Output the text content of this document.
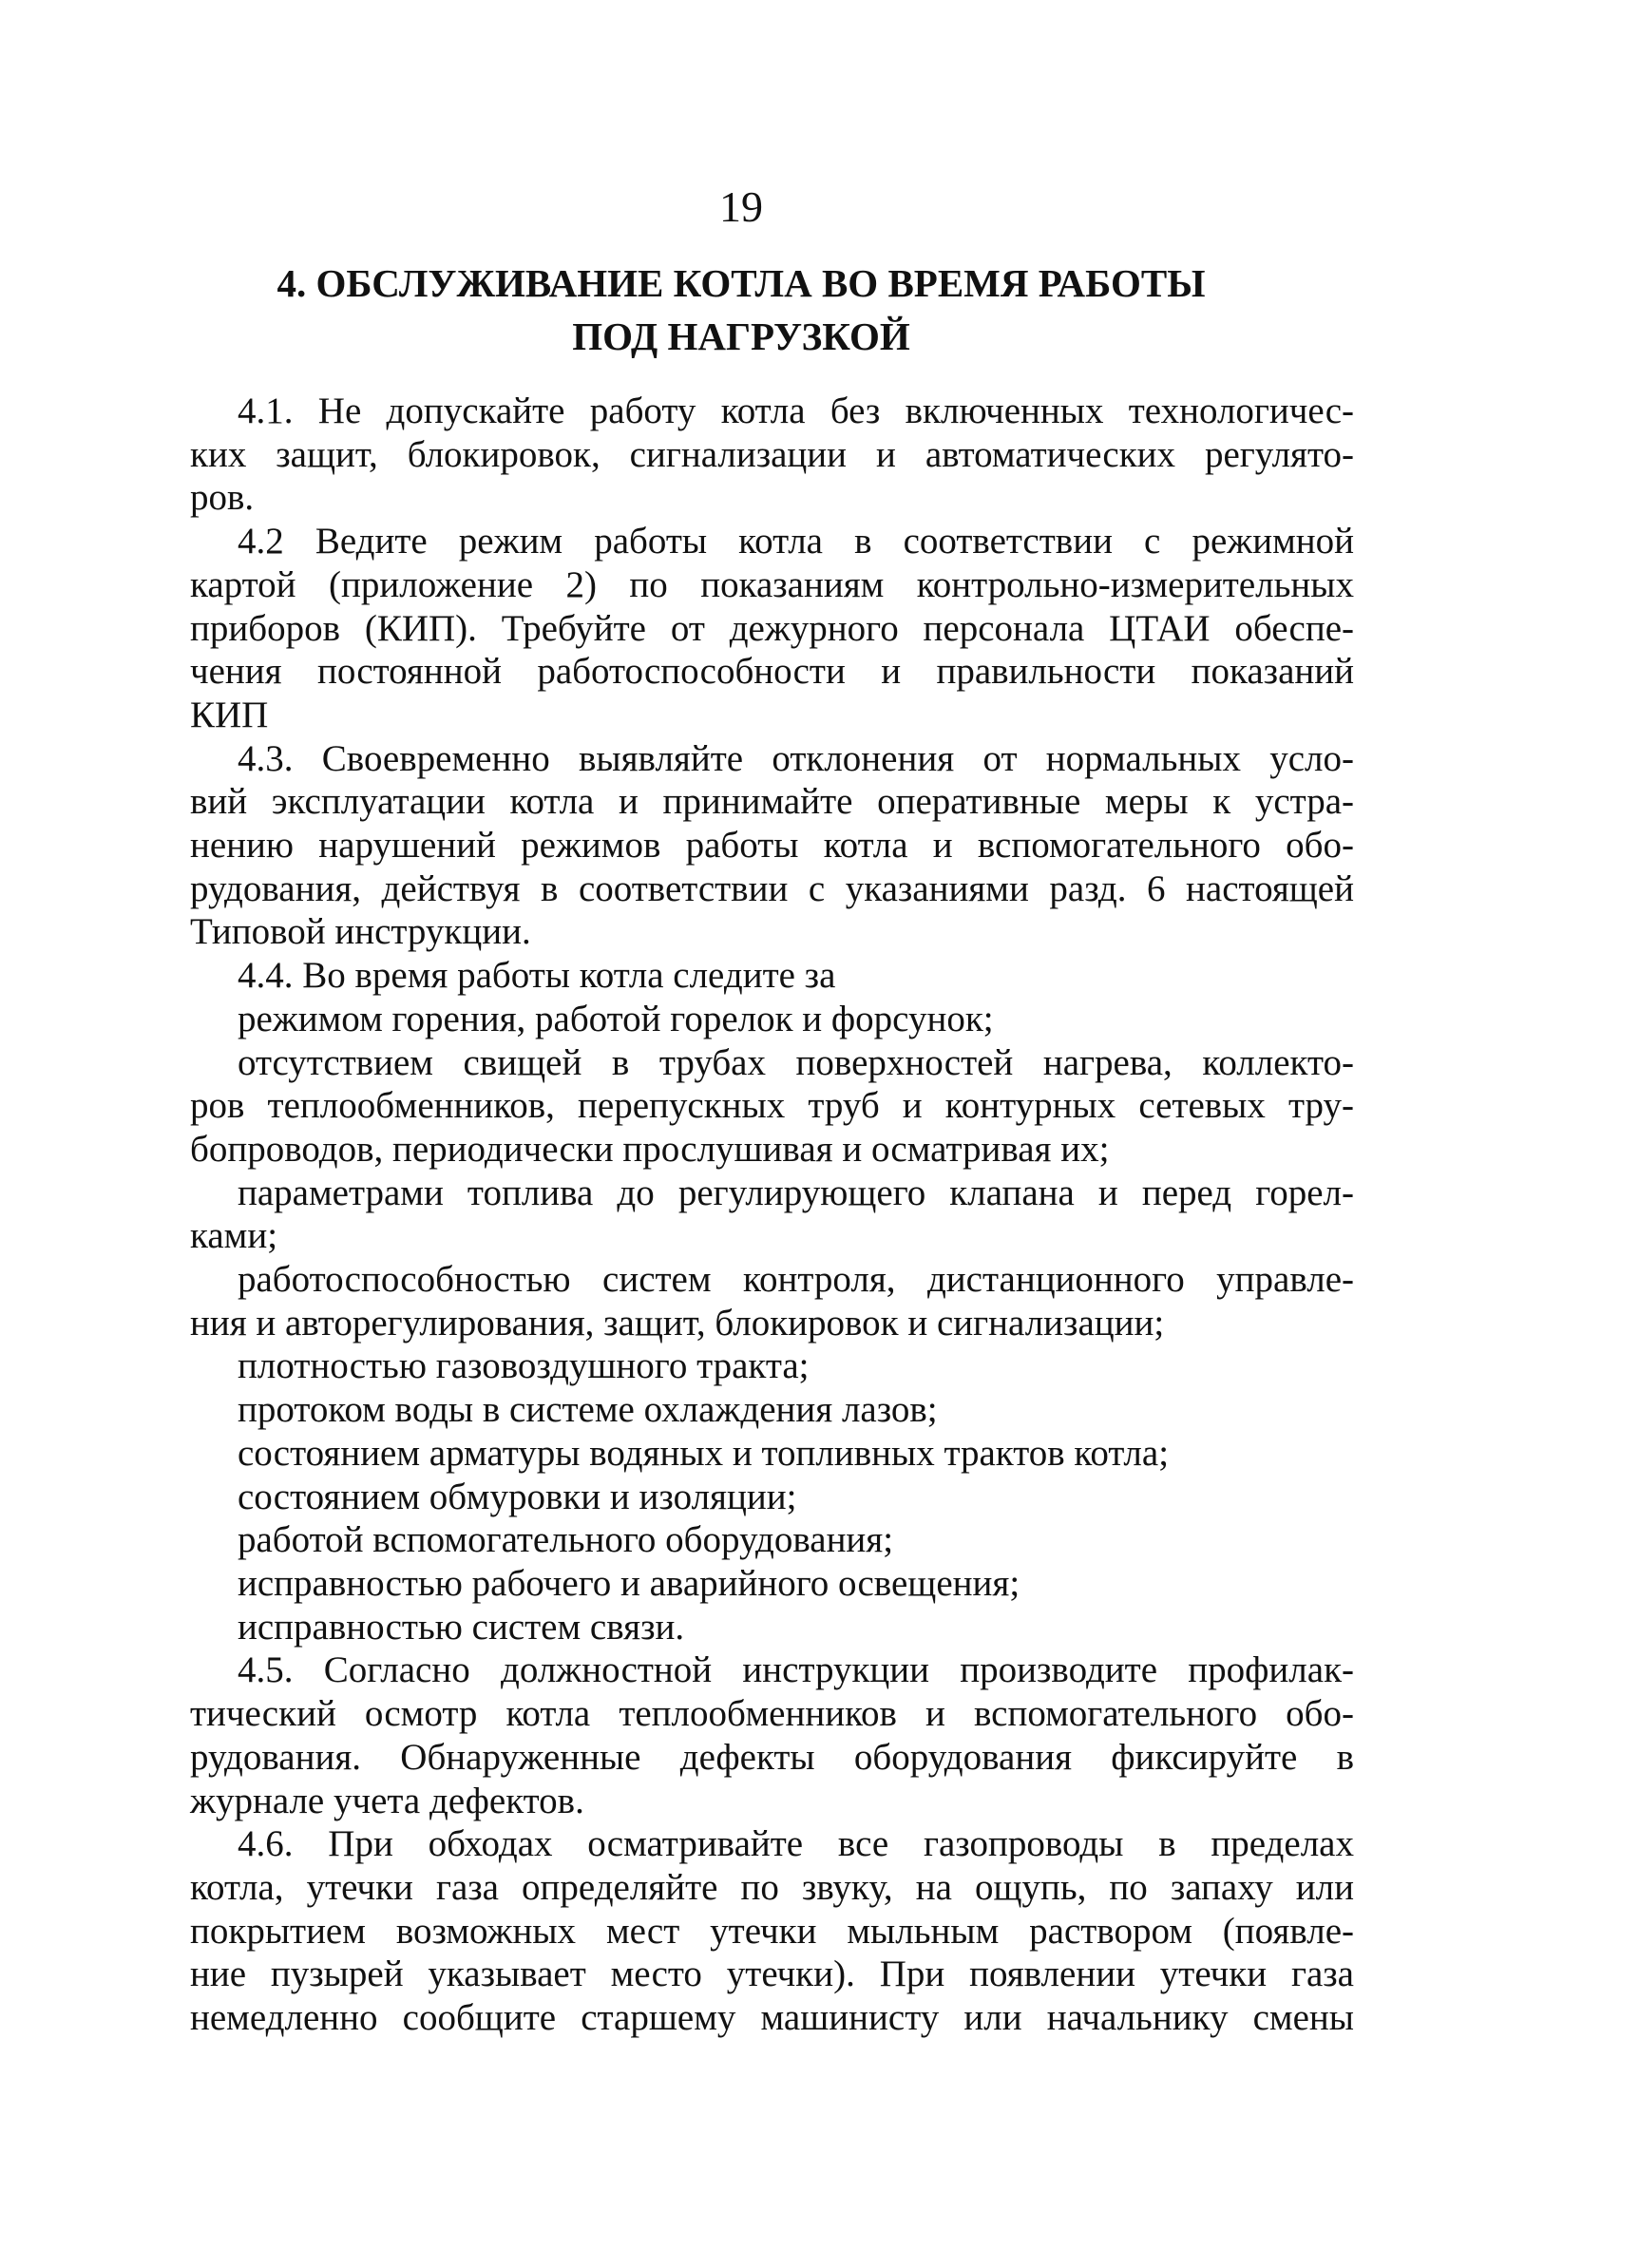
19
4. ОБСЛУЖИВАНИЕ КОТЛА ВО ВРЕМЯ РАБОТЫ
ПОД НАГРУЗКОЙ

4.1. Не допускайте работу котла без включенных технологичес-
ких защит, блокировок, сигнализации и автоматических регулято-
ров.

4.2 Ведите режим работы котла в соответствии с режимной
картой (приложение 2) по показаниям контрольно-измерительных
приборов (КИП). Требуйте от дежурного персонала ЦТАИ обеспе-
чения постоянной работоспособности и правильности показаний
КИП

4.3. Своевременно выявляйте отклонения от нормальных усло-
вий эксплуатации котла и принимайте оперативные меры к устра-
нению нарушений режимов работы котла и вспомогательного обо-
рудования, действуя в соответствии с указаниями разд. 6 настоящей
Типовой инструкции.

4.4. Во время работы котла следите за

режимом горения, работой горелок и форсунок;

отсутствием свищей в трубах поверхностей нагрева, коллекто-
ров теплообменников, перепускных труб и контурных сетевых тру-
бопроводов, периодически прослушивая и осматривая их;

параметрами топлива до регулирующего клапана и перед горел-
ками;

работоспособностью систем контроля, дистанционного управле-
ния и авторегулирования, защит, блокировок и сигнализации;

плотностью газовоздушного тракта;

протоком воды в системе охлаждения лазов;

состоянием арматуры водяных и топливных трактов котла;

состоянием обмуровки и изоляции;

работой вспомогательного оборудования;

исправностью рабочего и аварийного освещения;

исправностью систем связи.

4.5. Согласно должностной инструкции производите профилак-
тический осмотр котла теплообменников и вспомогательного обо-
рудования. Обнаруженные дефекты оборудования фиксируйте в
журнале учета дефектов.

4.6. При обходах осматривайте все газопроводы в пределах
котла, утечки газа определяйте по звуку, на ощупь, по запаху или
покрытием возможных мест утечки мыльным раствором (появле-
ние пузырей указывает место утечки). При появлении утечки газа
немедленно сообщите старшему машинисту или начальнику смены
